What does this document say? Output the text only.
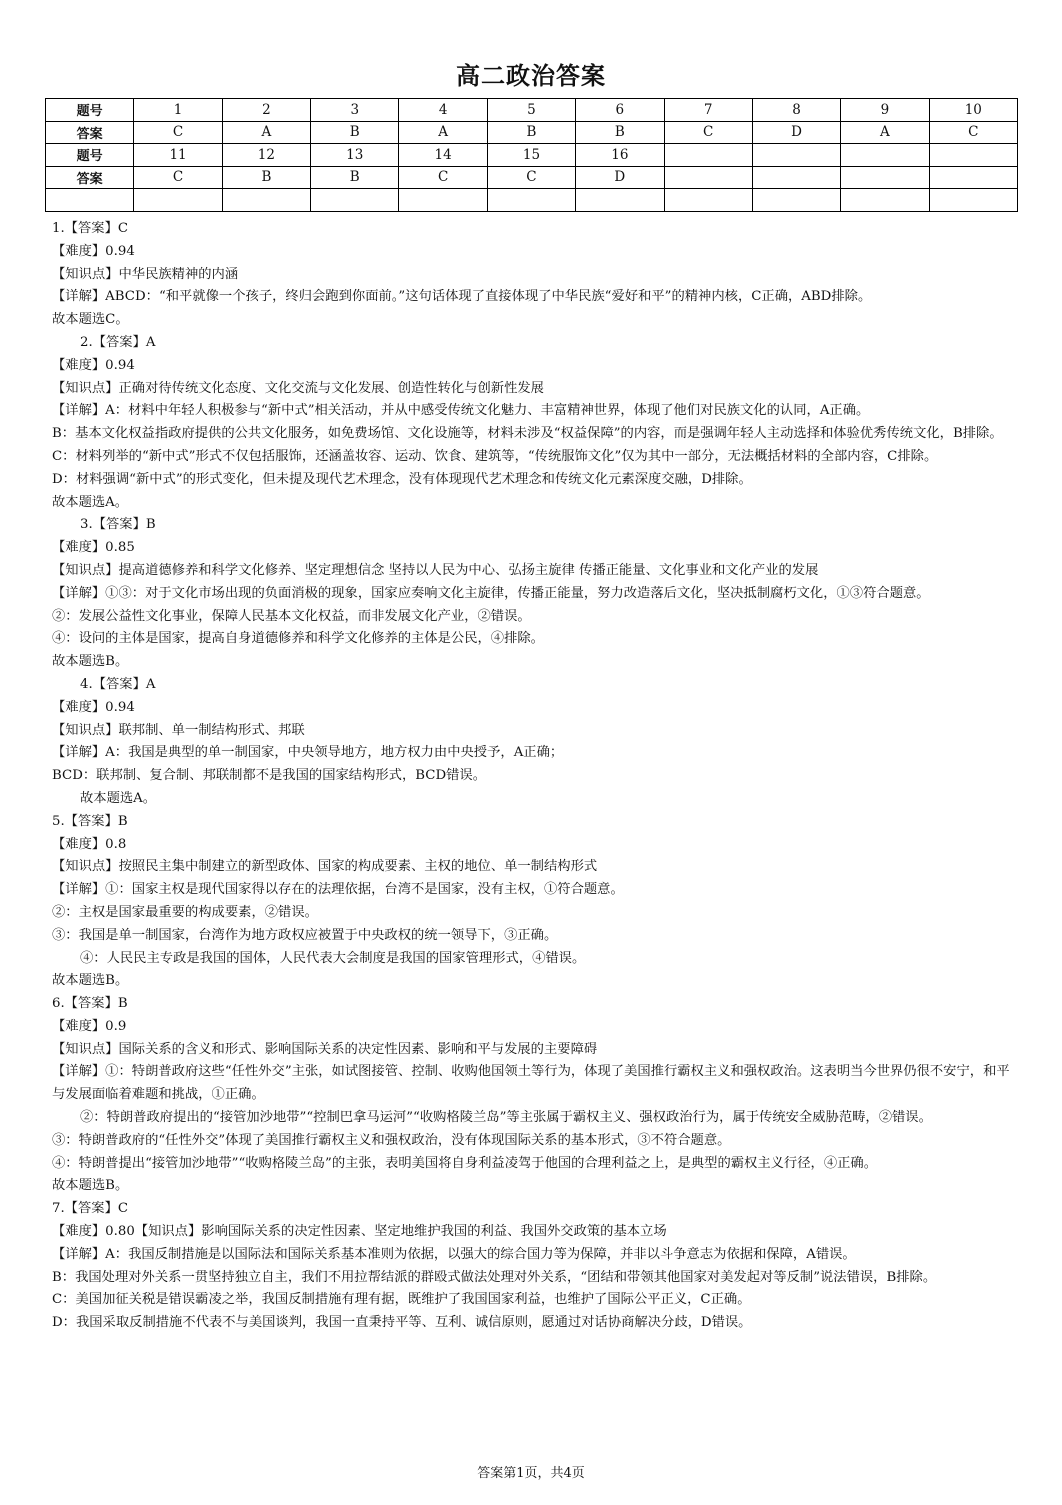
高二政治答案
题号	1	2	3	4	5	6	7	8	9	10
答案	C	A	B	A	B	B	C	D	A	C
题号	11	12	13	14	15	16				
答案	C	B	B	C	C	D				

1.【答案】C

【难度】0.94

【知识点】中华民族精神的内涵

【详解】ABCD：“和平就像一个孩子，终归会跑到你面前。”这句话体现了直接体现了中华民族“爱好和平”的精神内核，C正确，ABD排除。

故本题选C。

2.【答案】A

【难度】0.94

【知识点】正确对待传统文化态度、文化交流与文化发展、创造性转化与创新性发展

【详解】A：材料中年轻人积极参与“新中式”相关活动，并从中感受传统文化魅力、丰富精神世界，体现了他们对民族文化的认同，A正确。

B：基本文化权益指政府提供的公共文化服务，如免费场馆、文化设施等，材料未涉及“权益保障”的内容，而是强调年轻人主动选择和体验优秀传统文化，B排除。

C：材料列举的“新中式”形式不仅包括服饰，还涵盖妆容、运动、饮食、建筑等，“传统服饰文化”仅为其中一部分，无法概括材料的全部内容，C排除。

D：材料强调“新中式”的形式变化，但未提及现代艺术理念，没有体现现代艺术理念和传统文化元素深度交融，D排除。

故本题选A。

3.【答案】B

【难度】0.85

【知识点】提高道德修养和科学文化修养、坚定理想信念 坚持以人民为中心、弘扬主旋律 传播正能量、文化事业和文化产业的发展

【详解】①③：对于文化市场出现的负面消极的现象，国家应奏响文化主旋律，传播正能量，努力改造落后文化，坚决抵制腐朽文化，①③符合题意。

②：发展公益性文化事业，保障人民基本文化权益，而非发展文化产业，②错误。

④：设问的主体是国家，提高自身道德修养和科学文化修养的主体是公民，④排除。

故本题选B。

4.【答案】A

【难度】0.94

【知识点】联邦制、单一制结构形式、邦联

【详解】A：我国是典型的单一制国家，中央领导地方，地方权力由中央授予，A正确；

BCD：联邦制、复合制、邦联制都不是我国的国家结构形式，BCD错误。

故本题选A。

5.【答案】B

【难度】0.8

【知识点】按照民主集中制建立的新型政体、国家的构成要素、主权的地位、单一制结构形式

【详解】①：国家主权是现代国家得以存在的法理依据，台湾不是国家，没有主权，①符合题意。

②：主权是国家最重要的构成要素，②错误。

③：我国是单一制国家，台湾作为地方政权应被置于中央政权的统一领导下，③正确。

④：人民民主专政是我国的国体，人民代表大会制度是我国的国家管理形式，④错误。

故本题选B。

6.【答案】B

【难度】0.9

【知识点】国际关系的含义和形式、影响国际关系的决定性因素、影响和平与发展的主要障碍

【详解】①：特朗普政府这些“任性外交”主张，如试图接管、控制、收购他国领土等行为，体现了美国推行霸权主义和强权政治。这表明当今世界仍很不安宁，和平与发展面临着难题和挑战，①正确。

②：特朗普政府提出的“接管加沙地带”“控制巴拿马运河”“收购格陵兰岛”等主张属于霸权主义、强权政治行为，属于传统安全威胁范畴，②错误。

③：特朗普政府的“任性外交”体现了美国推行霸权主义和强权政治，没有体现国际关系的基本形式，③不符合题意。

④：特朗普提出“接管加沙地带”“收购格陵兰岛”的主张，表明美国将自身利益凌驾于他国的合理利益之上，是典型的霸权主义行径，④正确。

故本题选B。

7.【答案】C

【难度】0.80【知识点】影响国际关系的决定性因素、坚定地维护我国的利益、我国外交政策的基本立场

【详解】A：我国反制措施是以国际法和国际关系基本准则为依据，以强大的综合国力等为保障，并非以斗争意志为依据和保障，A错误。

B：我国处理对外关系一贯坚持独立自主，我们不用拉帮结派的群殴式做法处理对外关系，“团结和带领其他国家对美发起对等反制”说法错误，B排除。

C：美国加征关税是错误霸凌之举，我国反制措施有理有据，既维护了我国国家利益，也维护了国际公平正义，C正确。

D：我国采取反制措施不代表不与美国谈判，我国一直秉持平等、互利、诚信原则，愿通过对话协商解决分歧，D错误。

答案第1页，共4页
